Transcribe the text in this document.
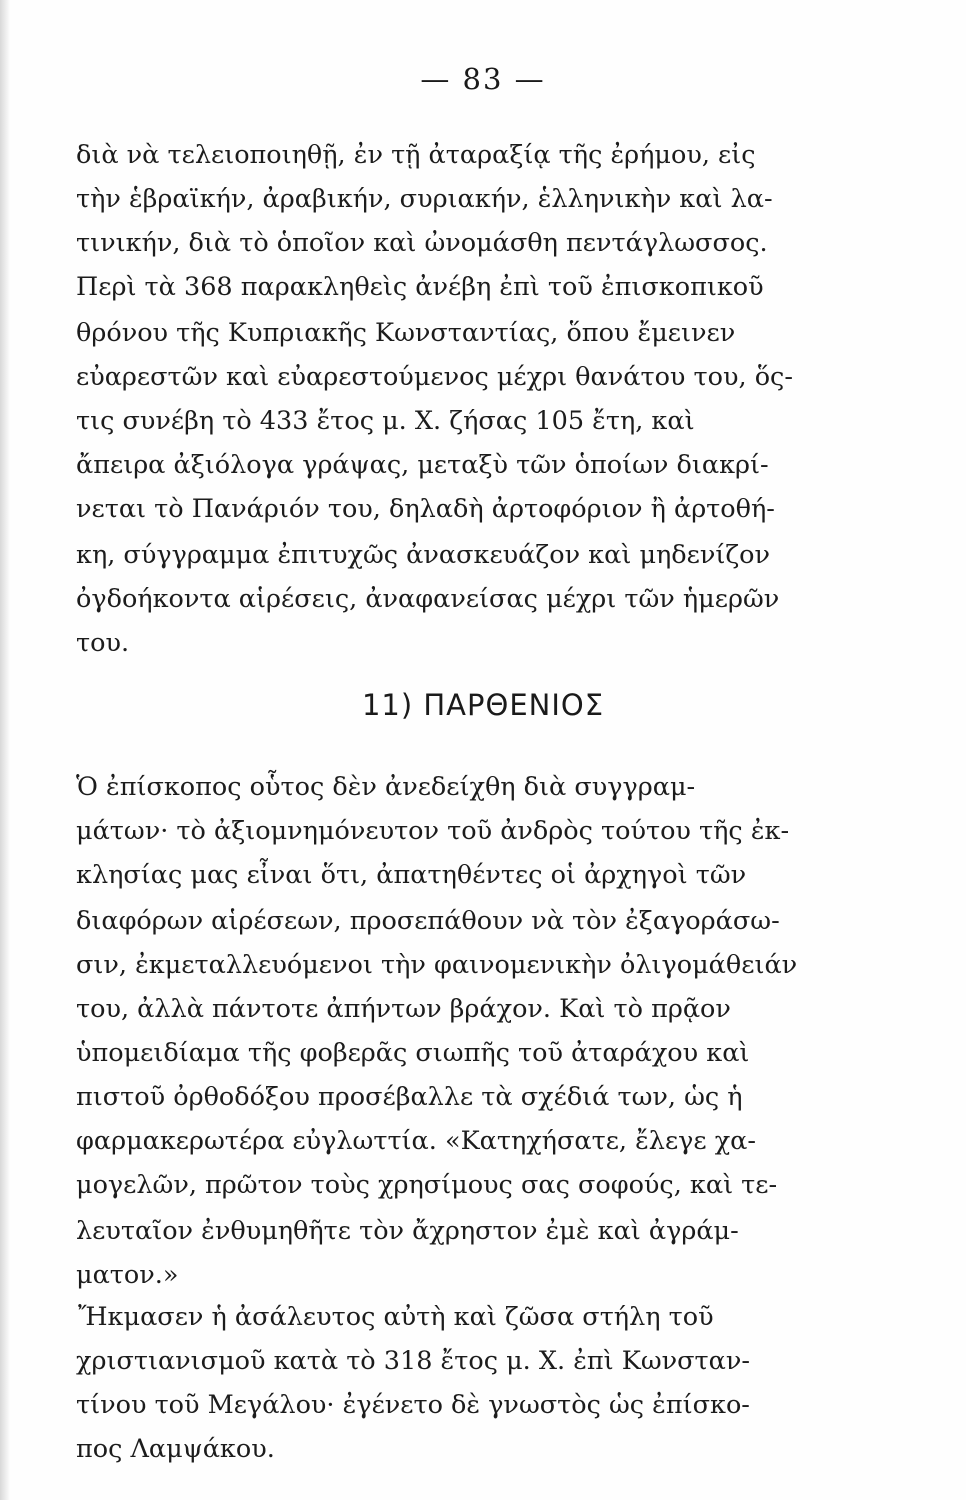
— 83 —
διὰ νὰ τελειοποιηθῇ, ἐν τῇ ἀταραξίᾳ τῆς ἐρήμου, εἰς
τὴν ἑβραϊκήν, ἀραβικήν, συριακήν, ἑλληνικὴν καὶ λα-
τινικήν, διὰ τὸ ὁποῖον καὶ ὠνομάσθη πεντάγλωσσος.
Περὶ τὰ 368 παρακληθεὶς ἀνέβη ἐπὶ τοῦ ἐπισκοπικοῦ
θρόνου τῆς Κυπριακῆς Κωνσταντίας, ὅπου ἔμεινεν
εὐαρεστῶν καὶ εὐαρεστούμενος μέχρι θανάτου του, ὅς-
τις συνέβη τὸ 433 ἔτος μ. Χ. ζήσας 105 ἔτη, καὶ
ἄπειρα ἀξιόλογα γράψας, μεταξὺ τῶν ὁποίων διακρί-
νεται τὸ Πανάριόν του, δηλαδὴ ἀρτοφόριον ἢ ἀρτοθή-
κη, σύγγραμμα ἐπιτυχῶς ἀνασκευάζον καὶ μηδενίζον
ὀγδοήκοντα αἱρέσεις, ἀναφανείσας μέχρι τῶν ἡμερῶν
του.
11) ΠΑΡΘΕΝΙΟΣ
Ὁ ἐπίσκοπος οὗτος δὲν ἀνεδείχθη διὰ συγγραμ-
μάτων· τὸ ἀξιομνημόνευτον τοῦ ἀνδρὸς τούτου τῆς ἐκ-
κλησίας μας εἶναι ὅτι, ἀπατηθέντες οἱ ἀρχηγοὶ τῶν
διαφόρων αἱρέσεων, προσεπάθουν νὰ τὸν ἐξαγοράσω-
σιν, ἐκμεταλλευόμενοι τὴν φαινομενικὴν ὀλιγομάθειάν
του, ἀλλὰ πάντοτε ἀπήντων βράχον. Καὶ τὸ πρᾷον
ὑπομειδίαμα τῆς φοβερᾶς σιωπῆς τοῦ ἀταράχου καὶ
πιστοῦ ὀρθοδόξου προσέβαλλε τὰ σχέδιά των, ὡς ἡ
φαρμακερωτέρα εὐγλωττία. «Κατηχήσατε, ἔλεγε χα-
μογελῶν, πρῶτον τοὺς χρησίμους σας σοφούς, καὶ τε-
λευταῖον ἐνθυμηθῆτε τὸν ἄχρηστον ἐμὲ καὶ ἀγράμ-
ματον.»
Ἤκμασεν ἡ ἀσάλευτος αὐτὴ καὶ ζῶσα στήλη τοῦ
χριστιανισμοῦ κατὰ τὸ 318 ἔτος μ. Χ. ἐπὶ Κωνσταν-
τίνου τοῦ Μεγάλου· ἐγένετο δὲ γνωστὸς ὡς ἐπίσκο-
πος Λαμψάκου.
